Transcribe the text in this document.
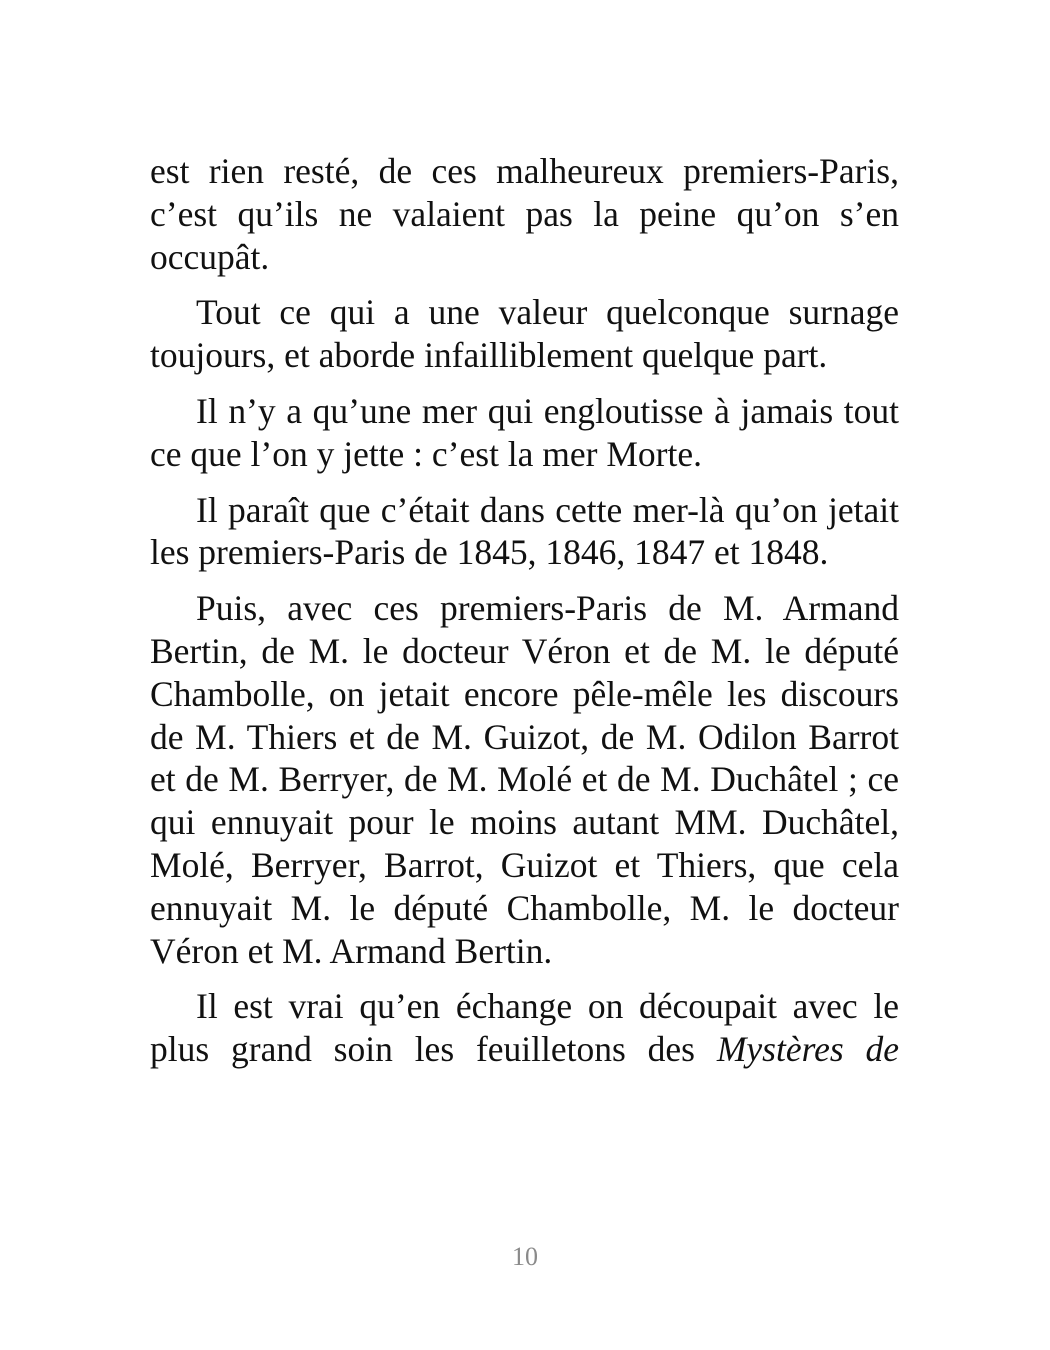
est rien resté, de ces malheureux premiers-Paris, c’est qu’ils ne valaient pas la peine qu’on s’en occupât.

Tout ce qui a une valeur quelconque surnage toujours, et aborde infailliblement quelque part.

Il n’y a qu’une mer qui engloutisse à jamais tout ce que l’on y jette : c’est la mer Morte.

Il paraît que c’était dans cette mer-là qu’on jetait les premiers-Paris de 1845, 1846, 1847 et 1848.

Puis, avec ces premiers-Paris de M. Armand Bertin, de M. le docteur Véron et de M. le député Chambolle, on jetait encore pêle-mêle les discours de M. Thiers et de M. Guizot, de M. Odilon Barrot et de M. Berryer, de M. Molé et de M. Duchâtel ; ce qui ennuyait pour le moins autant MM. Duchâtel, Molé, Berryer, Barrot, Guizot et Thiers, que cela ennuyait M. le député Chambolle, M. le docteur Véron et M. Armand Bertin.

Il est vrai qu’en échange on découpait avec le plus grand soin les feuilletons des Mystères de

10
